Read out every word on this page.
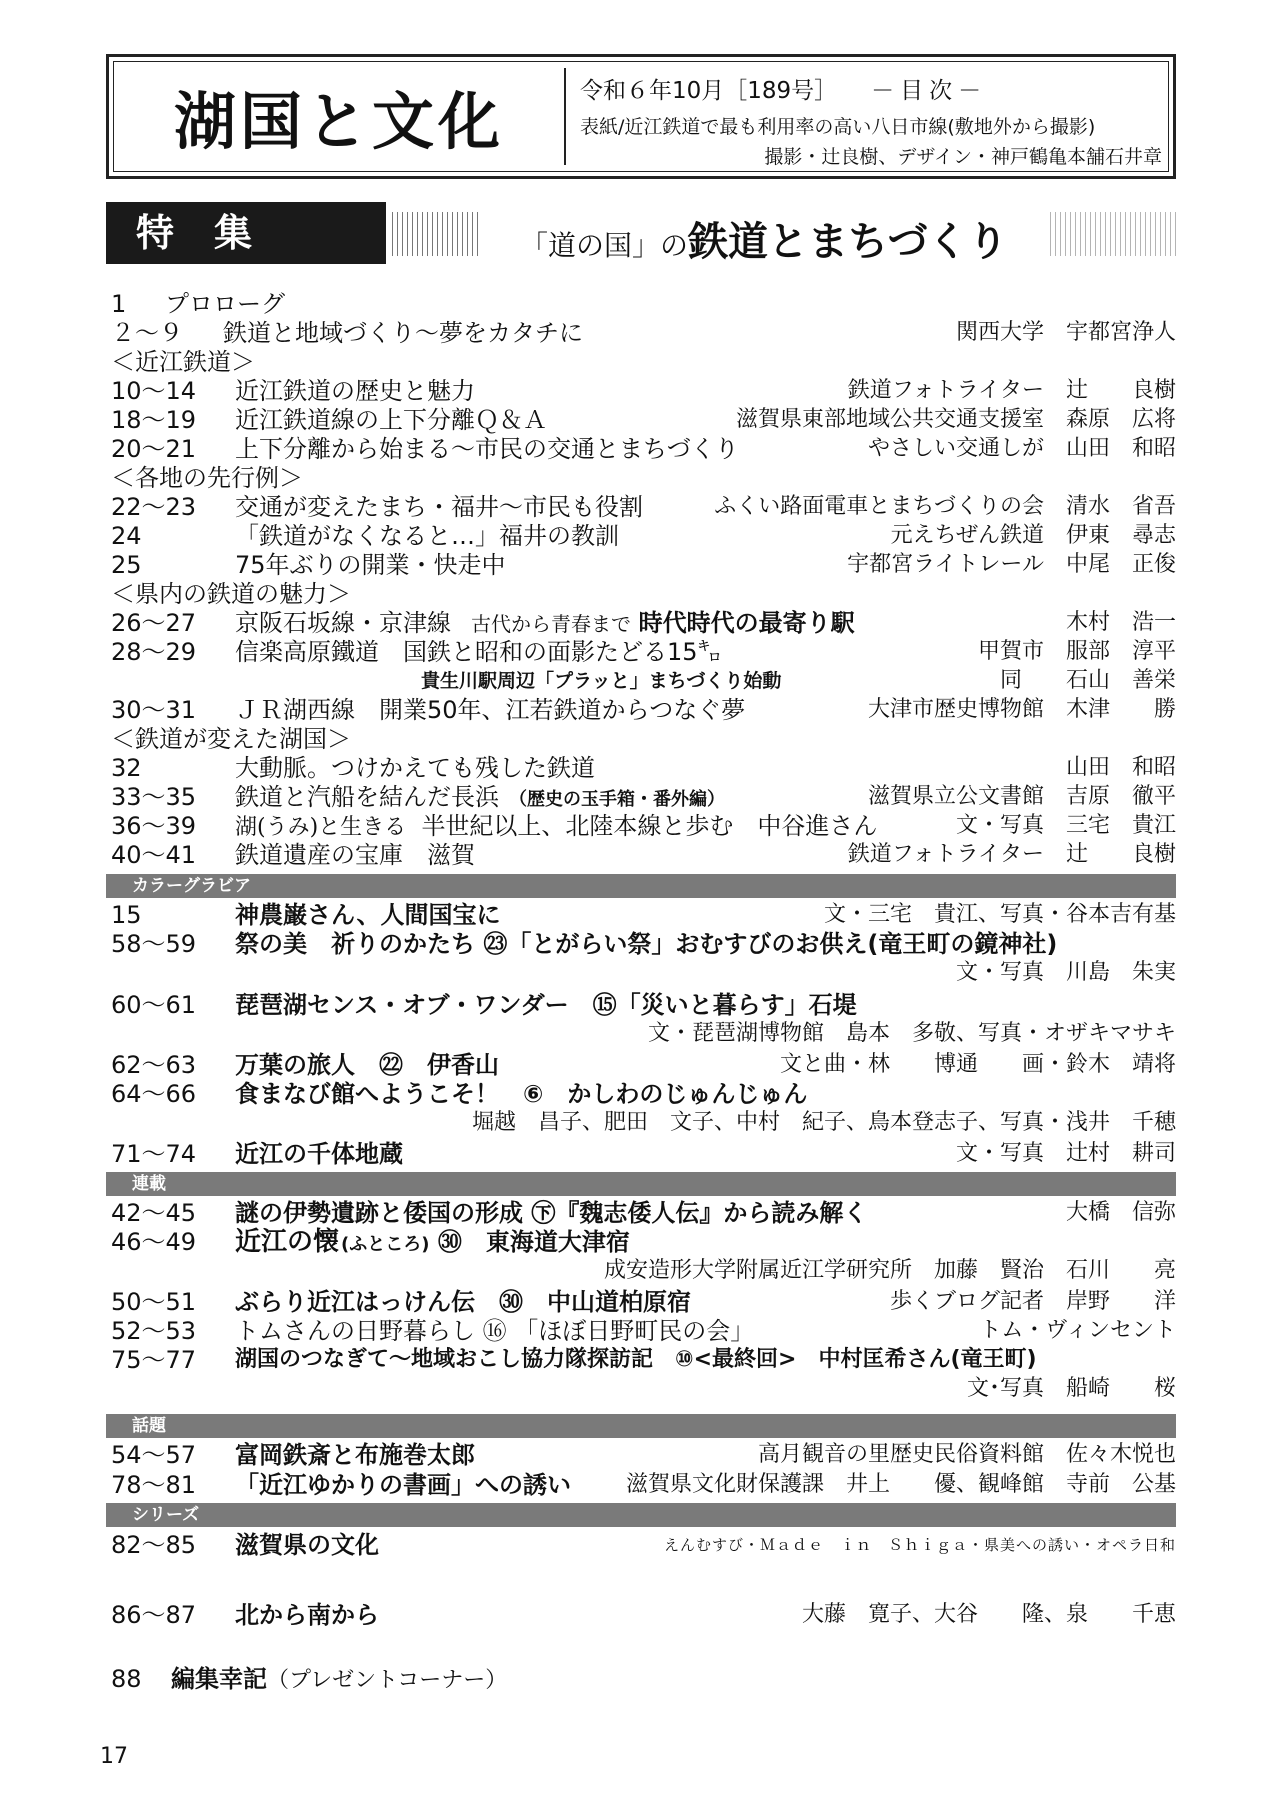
湖国と文化	令和６年10月［189号］ －目次－
表紙/近江鉄道で最も利用率の高い八日市線(敷地外から撮影)
撮影・辻良樹、デザイン・神戸鶴亀本舗石井章
特集	「道の国」の鉄道とまちづくり
1 プロローグ
２～９ 鉄道と地域づくり～夢をカタチに	関西大学　宇都宮浄人
＜近江鉄道＞
10～14 近江鉄道の歴史と魅力	鉄道フォトライター　辻　　良樹
18～19 近江鉄道線の上下分離Ｑ＆Ａ	滋賀県東部地域公共交通支援室　森原　広将
20～21 上下分離から始まる～市民の交通とまちづくり	やさしい交通しが　山田　和昭
＜各地の先行例＞
22～23 交通が変えたまち・福井～市民も役割	ふくい路面電車とまちづくりの会　清水　省吾
24	「鉄道がなくなると…」福井の教訓	元えちぜん鉄道　伊東　尋志
25	75年ぶりの開業・快走中	宇都宮ライトレール　中尾　正俊
＜県内の鉄道の魅力＞
26～27 京阪石坂線・京津線 古代から青春まで 時代時代の最寄り駅	木村　浩一
28～29 信楽高原鐵道　国鉄と昭和の面影たどる15㌔	甲賀市　服部　淳平
貴生川駅周辺「プラッと」まちづくり始動	同　　石山　善栄
30～31 ＪＲ湖西線　開業50年、江若鉄道からつなぐ夢	大津市歴史博物館　木津　　勝
＜鉄道が変えた湖国＞
32	大動脈。つけかえても残した鉄道	山田　和昭
33～35 鉄道と汽船を結んだ長浜 （歴史の玉手箱・番外編）	滋賀県立公文書館　吉原　徹平
36～39 湖(うみ)と生きる 半世紀以上、北陸本線と歩む　中谷進さん	文・写真　三宅　貴江
40～41 鉄道遺産の宝庫　滋賀	鉄道フォトライター　辻　　良樹
カラーグラビア
15	神農巌さん、人間国宝に	文・三宅　貴江、写真・谷本吉有基
58～59 祭の美　祈りのかたち ㉓「とがらい祭」おむすびのお供え(竜王町の鏡神社)
文・写真　川島　朱実
60～61 琵琶湖センス・オブ・ワンダー　⑮「災いと暮らす」石堤
文・琵琶湖博物館　島本　多敬、写真・オザキマサキ
62～63 万葉の旅人　㉒　伊香山	文と曲・林　　博通　　画・鈴木　靖将
64～66 食まなび館へようこそ！　⑥　かしわのじゅんじゅん
堀越　昌子、肥田　文子、中村　紀子、鳥本登志子、写真・浅井　千穂
71～74 近江の千体地蔵	文・写真　辻村　耕司
連載
42～45 謎の伊勢遺跡と倭国の形成 ㊦『魏志倭人伝』から読み解く	大橋　信弥
46～49 近江の懐 (ふところ) ㉚　東海道大津宿
成安造形大学附属近江学研究所　加藤　賢治　石川　　亮
50～51 ぶらり近江はっけん伝　㉚　中山道柏原宿	歩くブログ記者　岸野　　洋
52～53 トムさんの日野暮らし ⑯ 「ほぼ日野町民の会」	トム・ヴィンセント
75～77 湖国のつなぎて～地域おこし協力隊探訪記　⑩<最終回>　中村匡希さん(竜王町)
文･写真　船崎　　桜
話題
54～57 富岡鉄斎と布施巻太郎	高月観音の里歴史民俗資料館　佐々木悦也
78～81 「近江ゆかりの書画」への誘い 滋賀県文化財保護課　井上　　優、観峰館　寺前　公基
シリーズ
82～85 滋賀県の文化	えんむすび・Ｍａｄｅ　ｉｎ　Ｓｈｉｇａ・県美への誘い・オペラ日和
86～87 北から南から	大藤　寛子、大谷　　隆、泉　　千恵
88 編集幸記（プレゼントコーナー）
17
